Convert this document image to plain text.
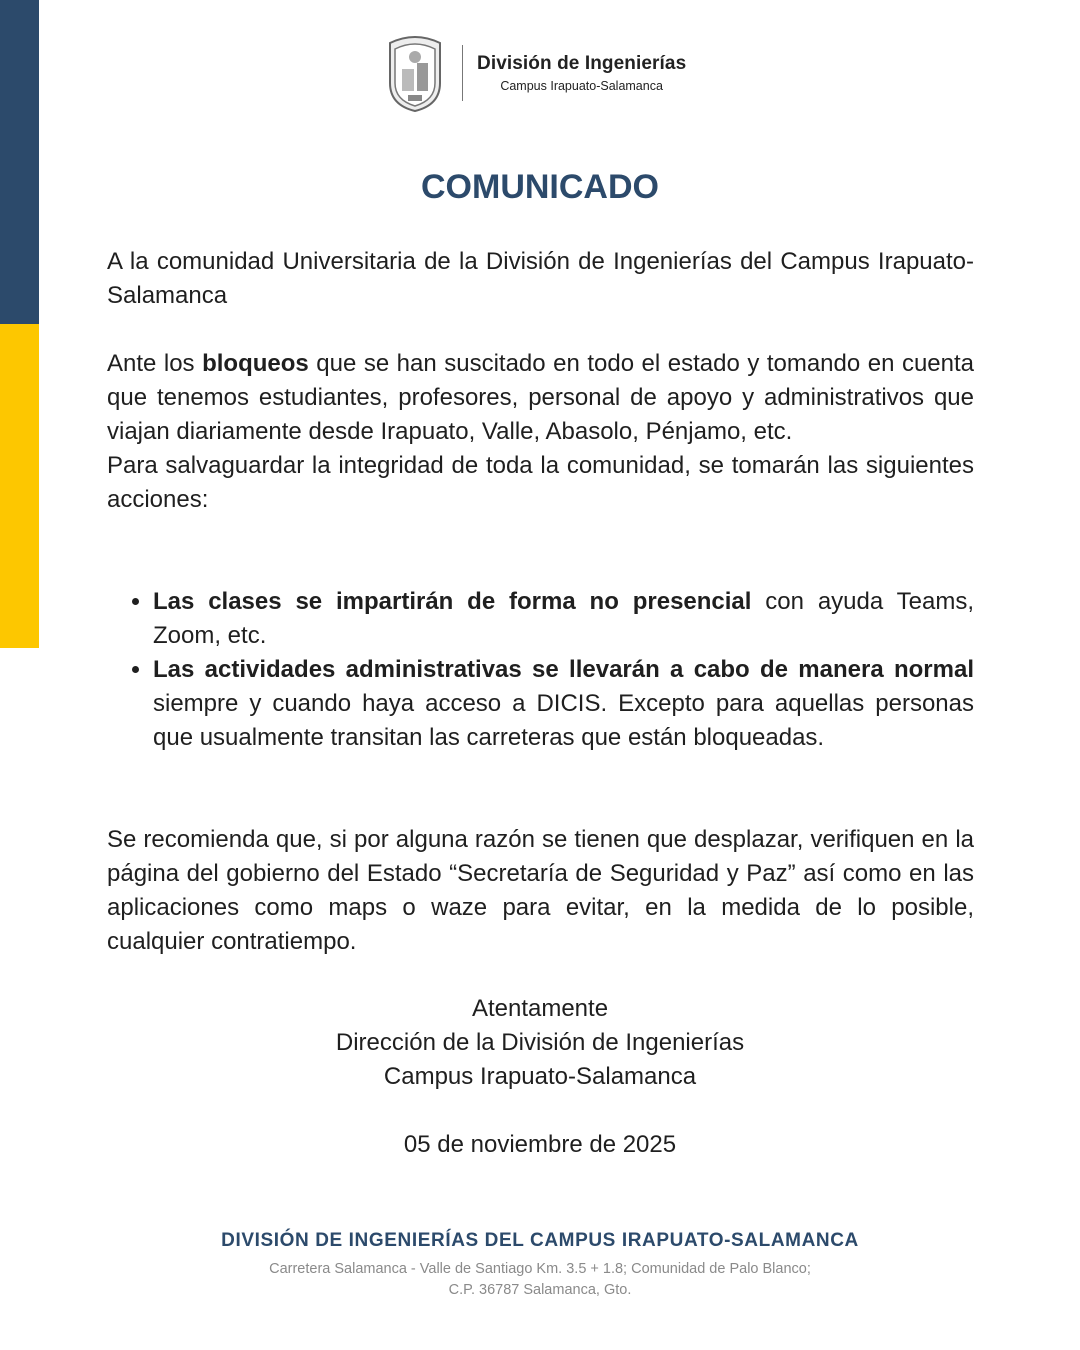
División de Ingenierías
Campus Irapuato-Salamanca
COMUNICADO
A la comunidad Universitaria de la División de Ingenierías del Campus Irapuato-Salamanca

Ante los bloqueos que se han suscitado en todo el estado y tomando en cuenta que tenemos estudiantes, profesores, personal de apoyo y administrativos que viajan diariamente desde Irapuato, Valle, Abasolo, Pénjamo, etc.

Para salvaguardar la integridad de toda la comunidad, se tomarán las siguientes acciones:

• Las clases se impartirán de forma no presencial con ayuda Teams, Zoom, etc.
• Las actividades administrativas se llevarán a cabo de manera normal siempre y cuando haya acceso a DICIS. Excepto para aquellas personas que usualmente transitan las carreteras que están bloqueadas.
Se recomienda que, si por alguna razón se tienen que desplazar, verifiquen en la página del gobierno del Estado “Secretaría de Seguridad y Paz” así como en las aplicaciones como maps o waze para evitar, en la medida de lo posible, cualquier contratiempo.
Atentamente
Dirección de la División de Ingenierías
Campus Irapuato-Salamanca
05 de noviembre de 2025
DIVISIÓN DE INGENIERÍAS DEL CAMPUS IRAPUATO-SALAMANCA
Carretera Salamanca - Valle de Santiago Km. 3.5 + 1.8; Comunidad de Palo Blanco;
C.P. 36787 Salamanca, Gto.
